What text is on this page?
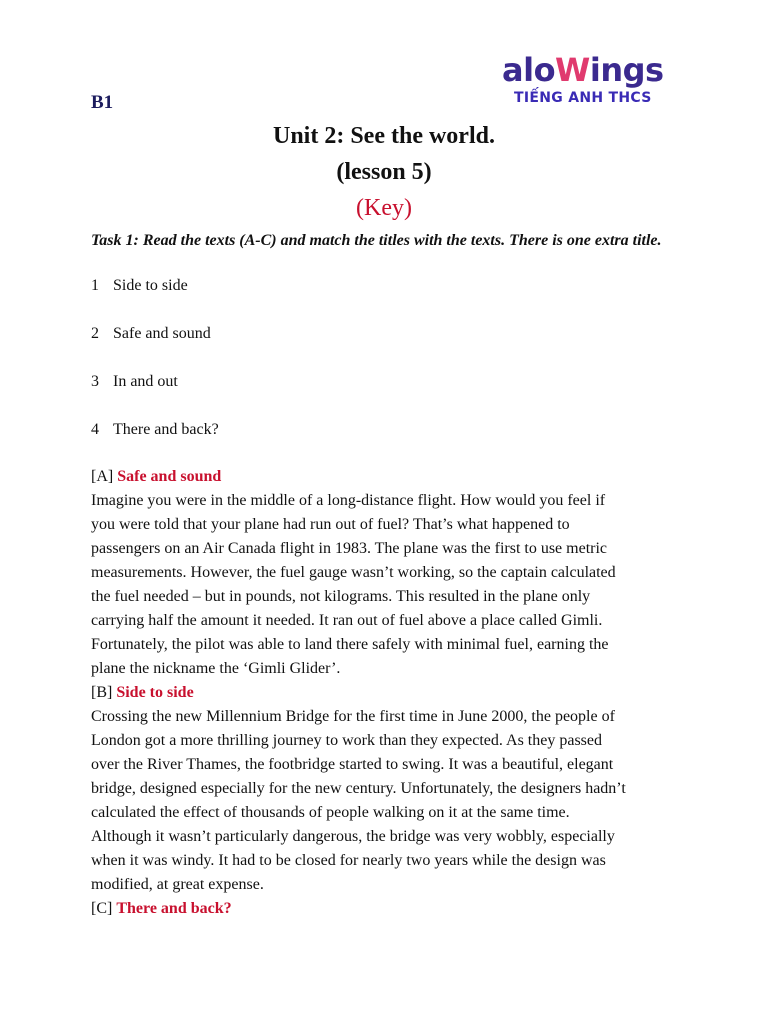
aloWings
TIẾNG ANH THCS
B1
Unit 2: See the world.
(lesson 5)
(Key)
Task 1: Read the texts (A-C) and match the titles with the texts. There is one extra title.
1 Side to side
2 Safe and sound
3 In and out
4 There and back?
[A] Safe and sound
Imagine you were in the middle of a long-distance flight. How would you feel if
you were told that your plane had run out of fuel? That’s what happened to
passengers on an Air Canada flight in 1983. The plane was the first to use metric
measurements. However, the fuel gauge wasn’t working, so the captain calculated
the fuel needed – but in pounds, not kilograms. This resulted in the plane only
carrying half the amount it needed. It ran out of fuel above a place called Gimli.
Fortunately, the pilot was able to land there safely with minimal fuel, earning the
plane the nickname the ‘Gimli Glider’.
[B] Side to side
Crossing the new Millennium Bridge for the first time in June 2000, the people of
London got a more thrilling journey to work than they expected. As they passed
over the River Thames, the footbridge started to swing. It was a beautiful, elegant
bridge, designed especially for the new century. Unfortunately, the designers hadn’t
calculated the effect of thousands of people walking on it at the same time.
Although it wasn’t particularly dangerous, the bridge was very wobbly, especially
when it was windy. It had to be closed for nearly two years while the design was
modified, at great expense.
[C] There and back?
